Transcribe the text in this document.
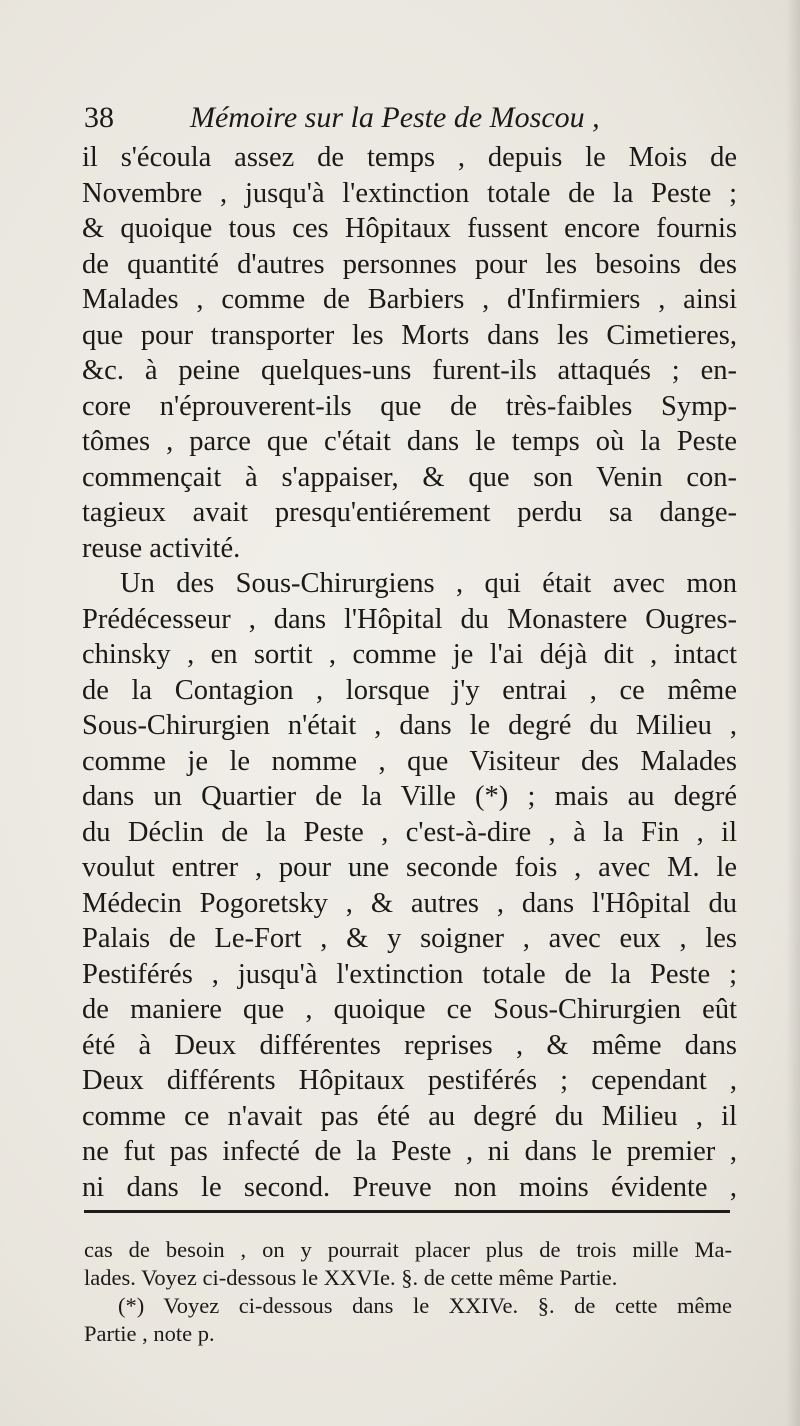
38	Mémoire sur la Peste de Moscou ,
il s'écoula assez de temps , depuis le Mois de
Novembre , jusqu'à l'extinction totale de la Peste ;
& quoique tous ces Hôpitaux fussent encore fournis
de quantité d'autres personnes pour les besoins des
Malades , comme de Barbiers , d'Infirmiers , ainsi
que pour transporter les Morts dans les Cimetieres,
&c. à peine quelques-uns furent-ils attaqués ; en-
core n'éprouverent-ils que de très-faibles Symp-
tômes , parce que c'était dans le temps où la Peste
commençait à s'appaiser, & que son Venin con-
tagieux avait presqu'entiérement perdu sa dange-
reuse activité.
Un des Sous-Chirurgiens , qui était avec mon
Prédécesseur , dans l'Hôpital du Monastere Ougres-
chinsky , en sortit , comme je l'ai déjà dit , intact
de la Contagion , lorsque j'y entrai , ce même
Sous-Chirurgien n'était , dans le degré du Milieu ,
comme je le nomme , que Visiteur des Malades
dans un Quartier de la Ville (*) ; mais au degré
du Déclin de la Peste , c'est-à-dire , à la Fin , il
voulut entrer , pour une seconde fois , avec M. le
Médecin Pogoretsky , & autres , dans l'Hôpital du
Palais de Le-Fort , & y soigner , avec eux , les
Pestiférés , jusqu'à l'extinction totale de la Peste ;
de maniere que , quoique ce Sous-Chirurgien eût
été à Deux différentes reprises , & même dans
Deux différents Hôpitaux pestiférés ; cependant ,
comme ce n'avait pas été au degré du Milieu , il
ne fut pas infecté de la Peste , ni dans le premier ,
ni dans le second. Preuve non moins évidente ,
cas de besoin , on y pourrait placer plus de trois mille Ma-
lades. Voyez ci-dessous le XXVIe. §. de cette même Partie.
(*) Voyez ci-dessous dans le XXIVe. §. de cette même
Partie , note p.
